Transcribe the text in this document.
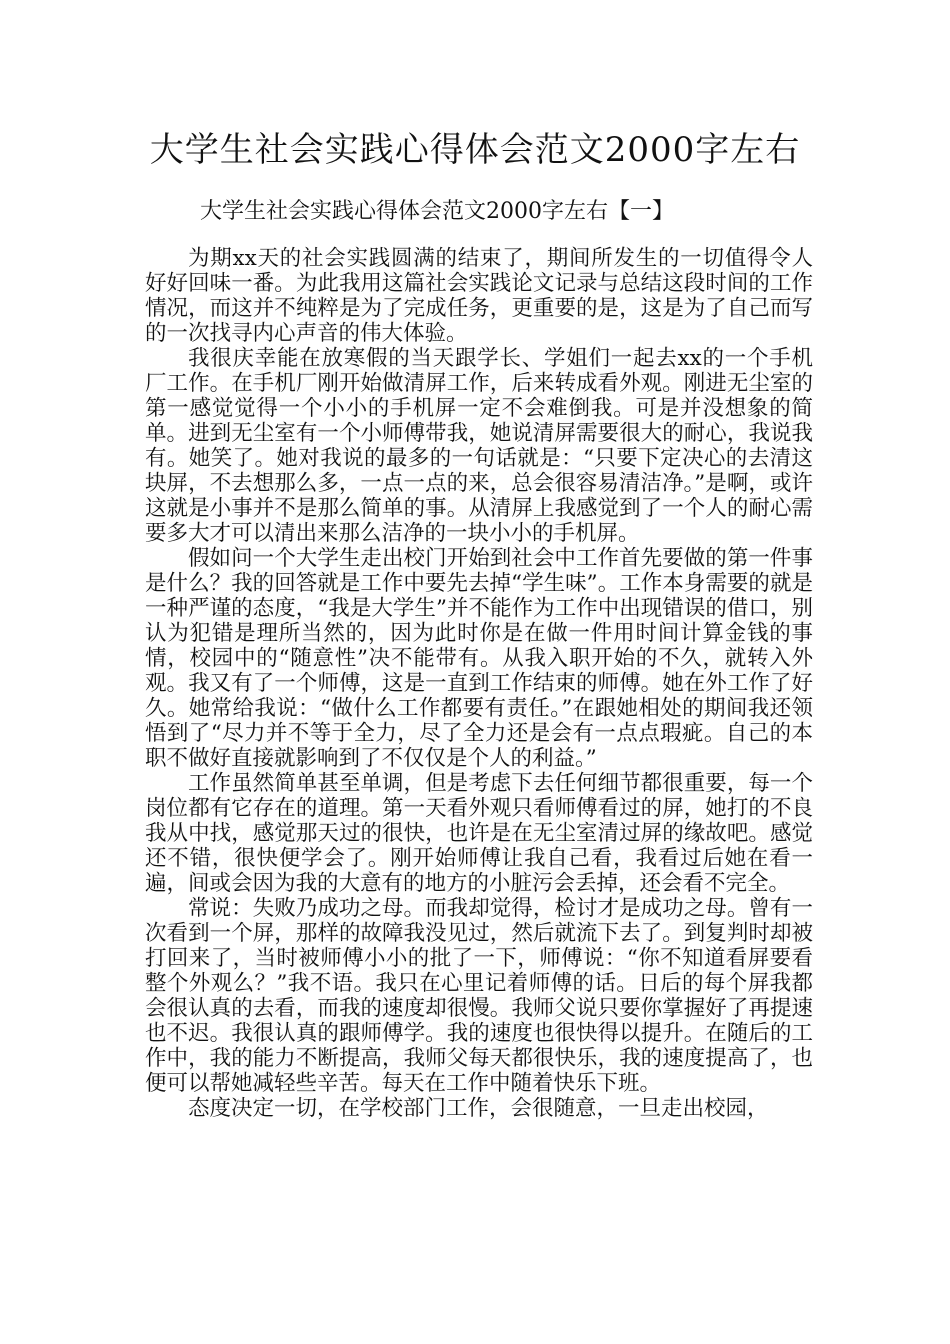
大学生社会实践心得体会范文2000字左右
大学生社会实践心得体会范文2000字左右【一】

为期xx天的社会实践圆满的结束了，期间所发生的一切值得令人好好回味一番。为此我用这篇社会实践论文记录与总结这段时间的工作情况，而这并不纯粹是为了完成任务，更重要的是，这是为了自己而写的一次找寻内心声音的伟大体验。

我很庆幸能在放寒假的当天跟学长、学姐们一起去xx的一个手机厂工作。在手机厂刚开始做清屏工作，后来转成看外观。刚进无尘室的第一感觉觉得一个小小的手机屏一定不会难倒我。可是并没想象的简单。进到无尘室有一个小师傅带我，她说清屏需要很大的耐心，我说我有。她笑了。她对我说的最多的一句话就是：“只要下定决心的去清这块屏，不去想那么多，一点一点的来，总会很容易清洁净。”是啊，或许这就是小事并不是那么简单的事。从清屏上我感觉到了一个人的耐心需要多大才可以清出来那么洁净的一块小小的手机屏。

假如问一个大学生走出校门开始到社会中工作首先要做的第一件事是什么？我的回答就是工作中要先去掉“学生味”。工作本身需要的就是一种严谨的态度，“我是大学生”并不能作为工作中出现错误的借口，别认为犯错是理所当然的，因为此时你是在做一件用时间计算金钱的事情，校园中的“随意性”决不能带有。从我入职开始的不久，就转入外观。我又有了一个师傅，这是一直到工作结束的师傅。她在外工作了好久。她常给我说：“做什么工作都要有责任。”在跟她相处的期间我还领悟到了“尽力并不等于全力，尽了全力还是会有一点点瑕疵。自己的本职不做好直接就影响到了不仅仅是个人的利益。”

工作虽然简单甚至单调，但是考虑下去任何细节都很重要，每一个岗位都有它存在的道理。第一天看外观只看师傅看过的屏，她打的不良我从中找，感觉那天过的很快，也许是在无尘室清过屏的缘故吧。感觉还不错，很快便学会了。刚开始师傅让我自己看，我看过后她在看一遍，间或会因为我的大意有的地方的小脏污会丢掉，还会看不完全。

常说：失败乃成功之母。而我却觉得，检讨才是成功之母。曾有一次看到一个屏，那样的故障我没见过，然后就流下去了。到复判时却被打回来了，当时被师傅小小的批了一下，师傅说：“你不知道看屏要看整个外观么？”我不语。我只在心里记着师傅的话。日后的每个屏我都会很认真的去看，而我的速度却很慢。我师父说只要你掌握好了再提速也不迟。我很认真的跟师傅学。我的速度也很快得以提升。在随后的工作中，我的能力不断提高，我师父每天都很快乐，我的速度提高了，也便可以帮她减轻些辛苦。每天在工作中随着快乐下班。

态度决定一切，在学校部门工作，会很随意，一旦走出校园，
